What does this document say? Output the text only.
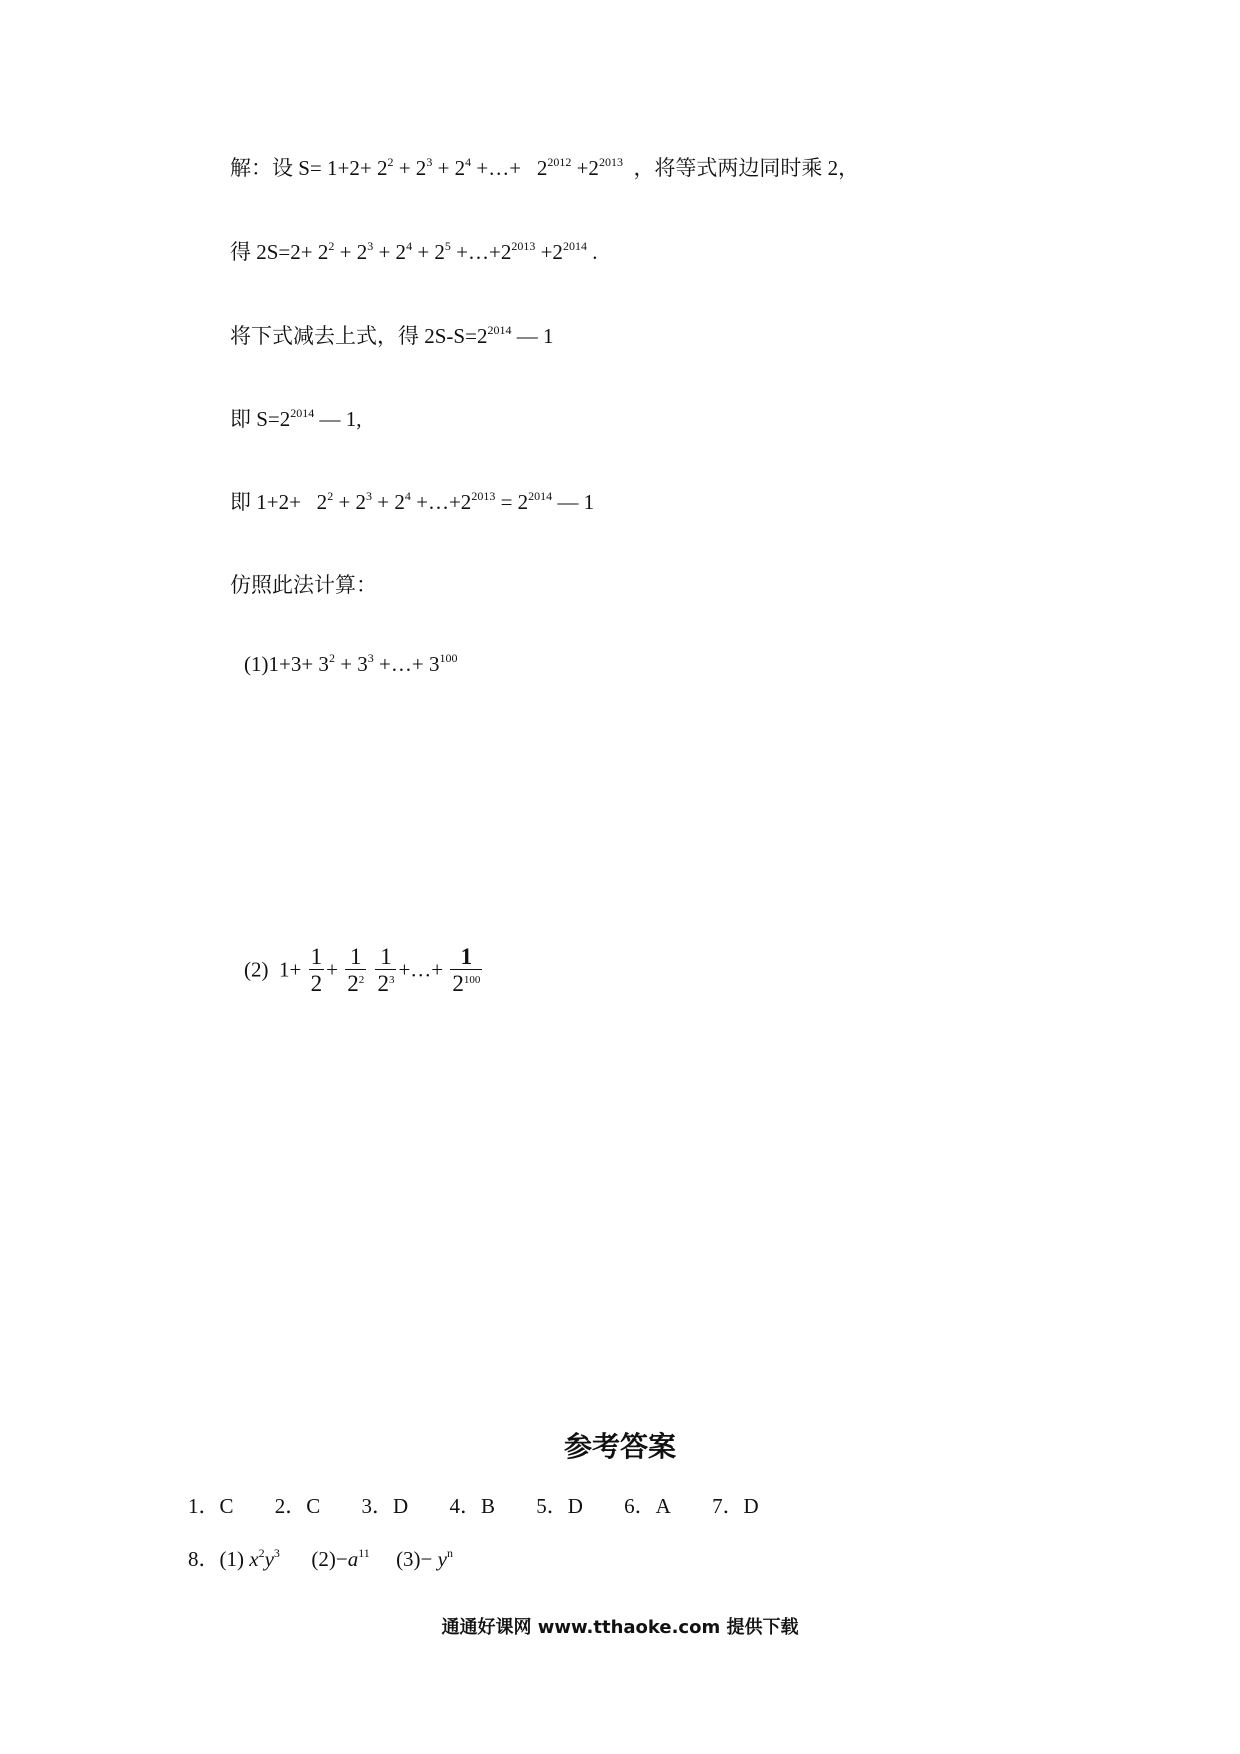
解：设 $S= 1+2+ 2^2 + 2^3 + 2^4$ +…+   $2^{2012} +2^{2013}$  ，将等式两边同时乘 2，
得 $2S=2+ 2^2 + 2^3 + 2^4 + 2^5$ $+\dots+2^{2013} +2^{2014}$ .
将下式减去上式，得 $2S-S=2^{2014}$ — 1
即 $S=2^{2014}$ — 1,
即 $1+2+ 2^2 + 2^3 + 2^4$ $+\dots+2^{2013} = 2^{2014}$ — 1
仿照此法计算：
$(1)1+3+ 3^2 + 3^3$ +…+ $3^{100}$
(2)  $1+ \frac{1}{2} + \frac{1}{2^2}$
$\frac{1}{2^3}$ +…+ $\frac{1}{2^{100}}$
参考答案
1．C 2．C 3．D 4．B 5．D 6．A 7．D
8．(1) $x^2y^3$      $(2)-a^{11}$     $(3)- y^n$
通通好课网 www.tthaoke.com 提供下载
